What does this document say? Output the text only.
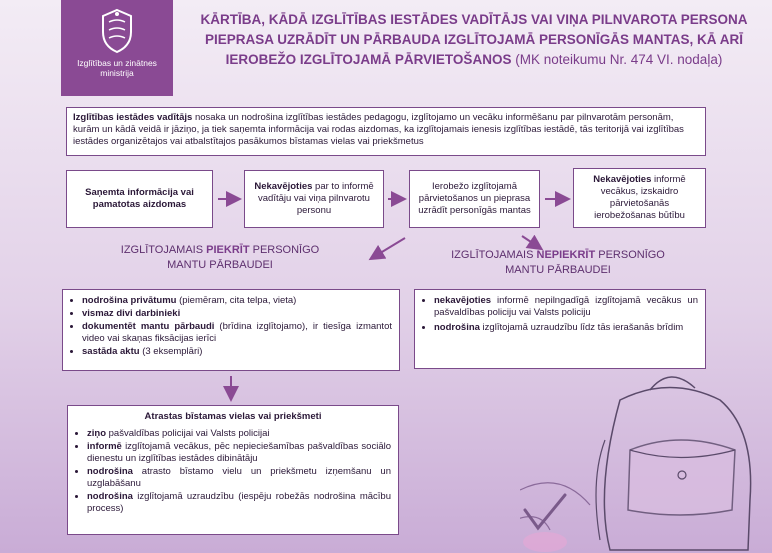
Izglītības un zinātnes ministrija
KĀRTĪBA, KĀDĀ IZGLĪTĪBAS IESTĀDES VADĪTĀJS VAI VIŅA PILNVAROTA PERSONA PIEPRASA UZRĀDĪT UN PĀRBAUDA IZGLĪTOJAMĀ PERSONĪGĀS MANTAS, KĀ ARĪ IEROBEŽO IZGLĪTOJAMĀ PĀRVIETOŠANOS (MK noteikumu Nr. 474 VI. nodaļa)
Izglītības iestādes vadītājs nosaka un nodrošina izglītības iestādes pedagogu, izglītojamo un vecāku informēšanu par pilnvarotām personām, kurām un kādā veidā ir jāziņo, ja tiek saņemta informācija vai rodas aizdomas, ka izglītojamais ienesis izglītības iestādē, tās teritorijā vai izglītības iestādes organizētajos vai atbalstītajos pasākumos bīstamas vielas vai priekšmetus
Saņemta informācija vai pamatotas aizdomas
Nekavējoties par to informē vadītāju vai viņa pilnvarotu personu
Ierobežo izglītojamā pārvietošanos un pieprasa uzrādīt personīgās mantas
Nekavējoties informē vecākus, izskaidro pārvietošanās ierobežošanas būtību
IZGLĪTOJAMAIS PIEKRĪT PERSONĪGO MANTU PĀRBAUDEI
IZGLĪTOJAMAIS NEPIEKRĪT PERSONĪGO MANTU PĀRBAUDEI
• nodrošina privātumu (piemēram, cita telpa, vieta)
• vismaz divi darbinieki
• dokumentēt mantu pārbaudi (brīdina izglītojamo), ir tiesīga izmantot video vai skaņas fiksācijas ierīci
• sastāda aktu (3 eksemplāri)
• nekavējoties informē nepilngadīgā izglītojamā vecākus un pašvaldības policiju vai Valsts policiju
• nodrošina izglītojamā uzraudzību līdz tās ierašanās brīdim

Atrastas bīstamas vielas vai priekšmeti

• ziņo pašvaldības policijai vai Valsts policijai
• informē izglītojamā vecākus, pēc nepieciešamības pašvaldības sociālo dienestu un izglītības iestādes dibinātāju
• nodrošina atrasto bīstamo vielu un priekšmetu izņemšanu un uzglabāšanu
• nodrošina izglītojamā uzraudzību (iespēju robežās nodrošina mācību process)
